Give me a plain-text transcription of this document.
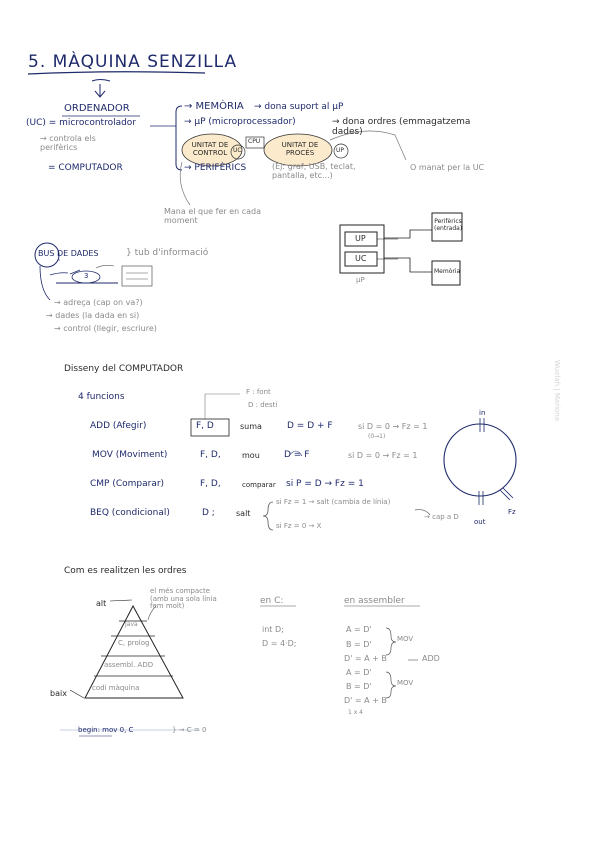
5. MÀQUINA SENZILLA
ORDENADOR
(UC) = microcontrolador
→ controla els perifèrics
= COMPUTADOR
→ MEMÒRIA → dona suport al µP
→ µP (microprocessador)	→ dona ordres (emmagatzema dades)
UNITAT DE CONTROL UC
CPU	UNITAT DE PROCÉS	UP
→ PERIFÈRICS	(Ej: graf, USB, teclat, pantalla, etc...)
Mana el que fer en cada moment
O manat per la UC
UP
UC
Perifèrics (entrada)
Memòria
µP
BUS DE DADES	} tub d'informació
3
→ adreça (cap on va?)
→ dades (la dada en si)
→ control (llegir, escriure)
Disseny del COMPUTADOR
4 funcions	F : font
D : destí
ADD (Afegir)	F, D	suma	D = D + F	si D = 0 → Fz = 1
(0→1)
MOV (Moviment)	F, D,	mou	D = F	si D = 0 → Fz = 1
CMP (Comparar)	F, D,	comparar si P = D → Fz = 1
BEQ (condicional)	D ;	salt
si Fz = 1 → salt (cambia de línia)
si Fz = 0 → X
→ cap a D
in
out
Fz
Com es realitzen les ordres
alt
baix
el més compacte (amb una sola línia fem molt)
Java
C, prolog
assembl. ADD
codi màquina
en C:
int D;
D = 4·D;
en assembler
A = D'
B = D'
D' = A + B
A = D'
B = D'
D' = A + B
MOV
ADD
MOV
1 x 4
begin: mov 0, C	} → C = 0
Wuolah | Mariona
